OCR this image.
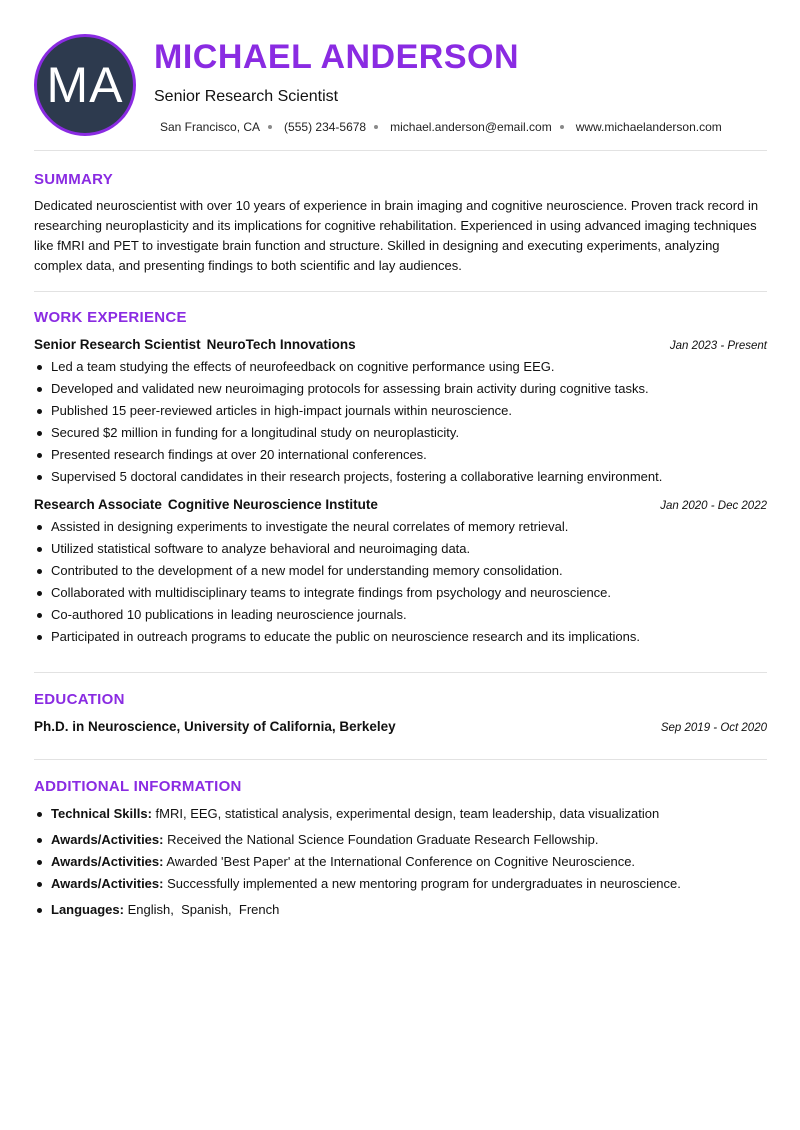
MA MICHAEL ANDERSON
Senior Research Scientist
San Francisco, CA (555) 234-5678 michael.anderson@email.com www.michaelanderson.com
SUMMARY

Dedicated neuroscientist with over 10 years of experience in brain imaging and cognitive neuroscience. Proven track record in researching neuroplasticity and its implications for cognitive rehabilitation. Experienced in using advanced imaging techniques like fMRI and PET to investigate brain function and structure. Skilled in designing and executing experiments, analyzing complex data, and presenting findings to both scientific and lay audiences.

WORK EXPERIENCE
Senior Research Scientist NeuroTech Innovations	Jan 2023 - Present
Led a team studying the effects of neurofeedback on cognitive performance using EEG.
Developed and validated new neuroimaging protocols for assessing brain activity during cognitive tasks.
Published 15 peer-reviewed articles in high-impact journals within neuroscience.
Secured $2 million in funding for a longitudinal study on neuroplasticity.
Presented research findings at over 20 international conferences.
Supervised 5 doctoral candidates in their research projects, fostering a collaborative learning environment.
Research Associate Cognitive Neuroscience Institute	Jan 2020 - Dec 2022
Assisted in designing experiments to investigate the neural correlates of memory retrieval.
Utilized statistical software to analyze behavioral and neuroimaging data.
Contributed to the development of a new model for understanding memory consolidation.
Collaborated with multidisciplinary teams to integrate findings from psychology and neuroscience.
Co-authored 10 publications in leading neuroscience journals.
Participated in outreach programs to educate the public on neuroscience research and its implications.
EDUCATION
Ph.D. in Neuroscience, University of California, Berkeley	Sep 2019 - Oct 2020
ADDITIONAL INFORMATION
Technical Skills: fMRI, EEG, statistical analysis, experimental design, team leadership, data visualization
Awards/Activities: Received the National Science Foundation Graduate Research Fellowship.
Awards/Activities: Awarded 'Best Paper' at the International Conference on Cognitive Neuroscience.
Awards/Activities: Successfully implemented a new mentoring program for undergraduates in neuroscience.
Languages: English,  Spanish,  French
